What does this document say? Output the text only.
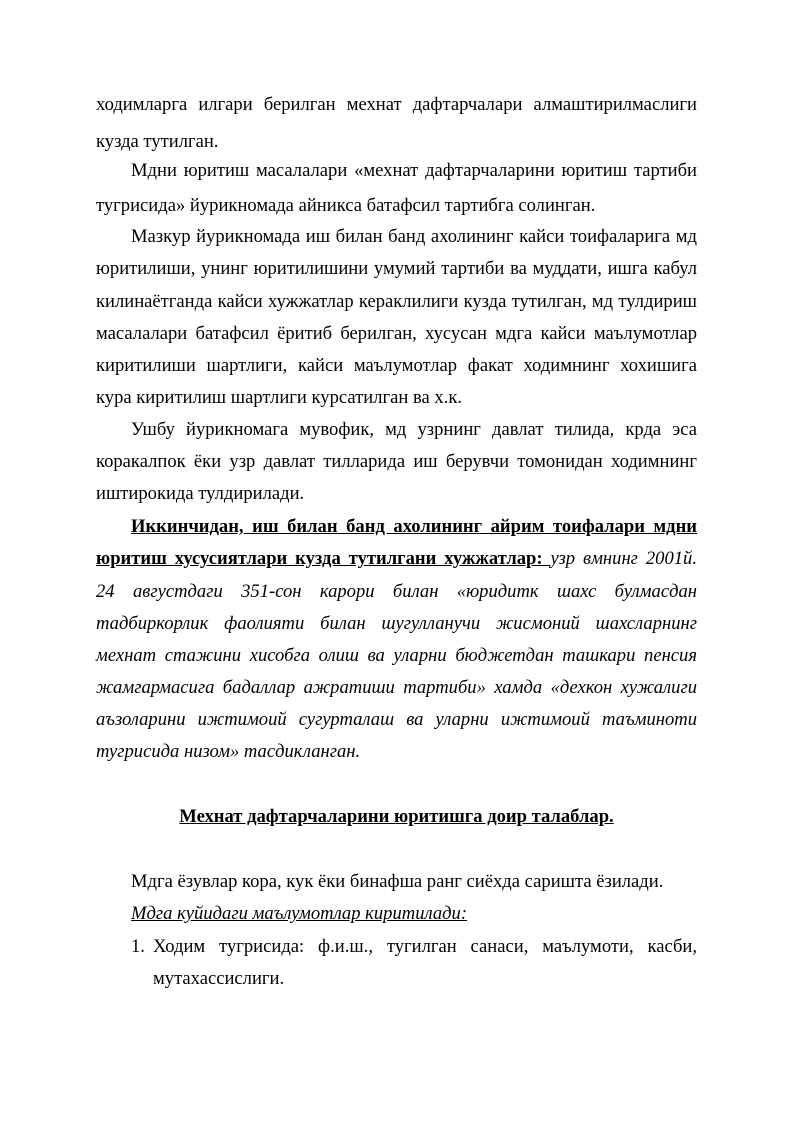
ходимларга илгари берилган мехнат дафтарчалари алмаштирилмаслиги
кузда тутилган.
Мдни юритиш масалалари «мехнат дафтарчаларини юритиш тартиби
тугрисида» йурикномада айникса батафсил тартибга солинган.
Мазкур йурикномада иш билан банд ахолининг кайси тоифаларига мд
юритилиши, унинг юритилишини умумий тартиби ва муддати, ишга кабул
килинаётганда кайси хужжатлар кераклилиги кузда тутилган, мд тулдириш
масалалари батафсил ёритиб берилган, хусусан мдга кайси маълумотлар
киритилиши шартлиги, кайси маълумотлар факат ходимнинг хохишига
кура киритилиш шартлиги курсатилган ва х.к.
Ушбу йурикномага мувофик, мд узрнинг давлат тилида, крда эса
коракалпок ёки узр давлат тилларида иш берувчи томонидан ходимнинг
иштирокида тулдирилади.
Иккинчидан, иш билан банд ахолининг айрим тоифалари мдни
юритиш хусусиятлари кузда тутилгани хужжатлар: узр вмнинг 2001й.
24 августдаги 351-сон карори билан «юридитк шахс булмасдан
тадбиркорлик фаолияти билан шугулланучи жисмоний шахсларнинг
мехнат стажини хисобга олиш ва уларни бюджетдан ташкари пенсия
жамгармасига бадаллар ажратиши тартиби» хамда «дехкон хужалиги
аъзоларини ижтимоий сугурталаш ва уларни ижтимоий таъминоти
тугрисида низом» тасдикланган.
Мехнат дафтарчаларини юритишга доир талаблар.
Мдга ёзувлар кора, кук ёки бинафша ранг сиёхда саришта ёзилади.
Мдга куйидаги маълумотлар киритилади:
1. Ходим тугрисида: ф.и.ш., тугилган санаси, маълумоти, касби,
мутахассислиги.
